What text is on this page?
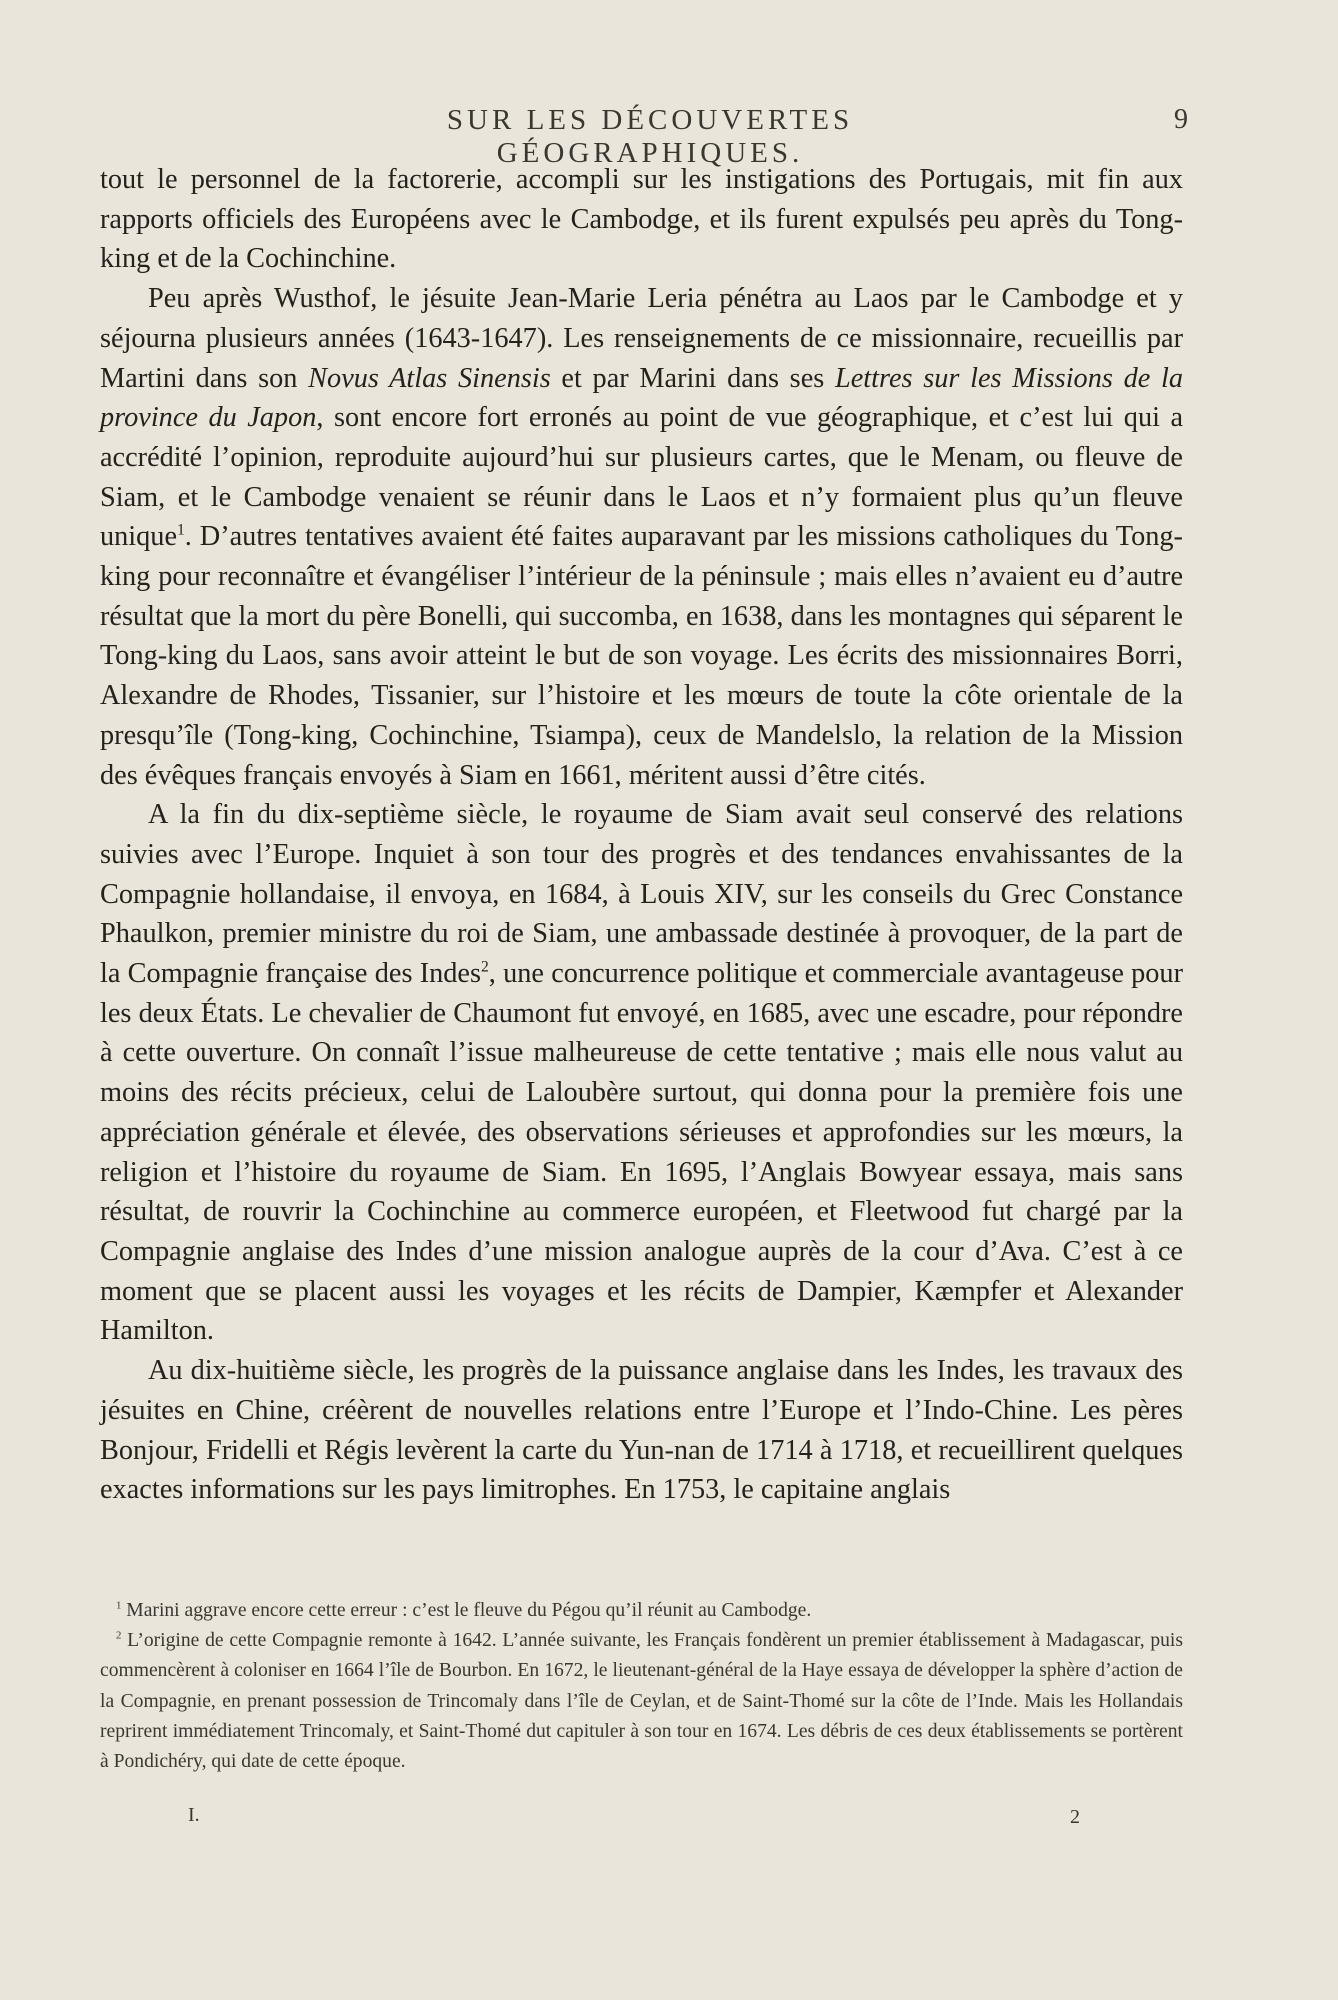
SUR LES DÉCOUVERTES GÉOGRAPHIQUES.
9

tout le personnel de la factorerie, accompli sur les instigations des Portugais, mit fin aux rapports officiels des Européens avec le Cambodge, et ils furent expulsés peu après du Tong-king et de la Cochinchine.

Peu après Wusthof, le jésuite Jean-Marie Leria pénétra au Laos par le Cambodge et y séjourna plusieurs années (1643-1647). Les renseignements de ce missionnaire, recueillis par Martini dans son Novus Atlas Sinensis et par Marini dans ses Lettres sur les Missions de la province du Japon, sont encore fort erronés au point de vue géographique, et c’est lui qui a accrédité l’opinion, reproduite aujourd’hui sur plusieurs cartes, que le Menam, ou fleuve de Siam, et le Cambodge venaient se réunir dans le Laos et n’y formaient plus qu’un fleuve unique$^1$. D’autres tentatives avaient été faites auparavant par les missions catholiques du Tong-king pour reconnaître et évangéliser l’intérieur de la péninsule ; mais elles n’avaient eu d’autre résultat que la mort du père Bonelli, qui succomba, en 1638, dans les montagnes qui séparent le Tong-king du Laos, sans avoir atteint le but de son voyage. Les écrits des missionnaires Borri, Alexandre de Rhodes, Tissanier, sur l’histoire et les mœurs de toute la côte orientale de la presqu’île (Tong-king, Cochinchine, Tsiampa), ceux de Mandelslo, la relation de la Mission des évêques français envoyés à Siam en 1661, méritent aussi d’être cités.

A la fin du dix-septième siècle, le royaume de Siam avait seul conservé des relations suivies avec l’Europe. Inquiet à son tour des progrès et des tendances envahissantes de la Compagnie hollandaise, il envoya, en 1684, à Louis XIV, sur les conseils du Grec Constance Phaulkon, premier ministre du roi de Siam, une ambassade destinée à provoquer, de la part de la Compagnie française des Indes$^2$, une concurrence politique et commerciale avantageuse pour les deux États. Le chevalier de Chaumont fut envoyé, en 1685, avec une escadre, pour répondre à cette ouverture. On connaît l’issue malheureuse de cette tentative ; mais elle nous valut au moins des récits précieux, celui de Laloubère surtout, qui donna pour la première fois une appréciation générale et élevée, des observations sérieuses et approfondies sur les mœurs, la religion et l’histoire du royaume de Siam. En 1695, l’Anglais Bowyear essaya, mais sans résultat, de rouvrir la Cochinchine au commerce européen, et Fleetwood fut chargé par la Compagnie anglaise des Indes d’une mission analogue auprès de la cour d’Ava. C’est à ce moment que se placent aussi les voyages et les récits de Dampier, Kæmpfer et Alexander Hamilton.

Au dix-huitième siècle, les progrès de la puissance anglaise dans les Indes, les travaux des jésuites en Chine, créèrent de nouvelles relations entre l’Europe et l’Indo-Chine. Les pères Bonjour, Fridelli et Régis levèrent la carte du Yun-nan de 1714 à 1718, et recueillirent quelques exactes informations sur les pays limitrophes. En 1753, le capitaine anglais

$^1$ Marini aggrave encore cette erreur : c’est le fleuve du Pégou qu’il réunit au Cambodge.

$^2$ L’origine de cette Compagnie remonte à 1642. L’année suivante, les Français fondèrent un premier établissement à Madagascar, puis commencèrent à coloniser en 1664 l’île de Bourbon. En 1672, le lieutenant-général de la Haye essaya de développer la sphère d’action de la Compagnie, en prenant possession de Trincomaly dans l’île de Ceylan, et de Saint-Thomé sur la côte de l’Inde. Mais les Hollandais reprirent immédiatement Trincomaly, et Saint-Thomé dut capituler à son tour en 1674. Les débris de ces deux établissements se portèrent à Pondichéry, qui date de cette époque.

I.	2
